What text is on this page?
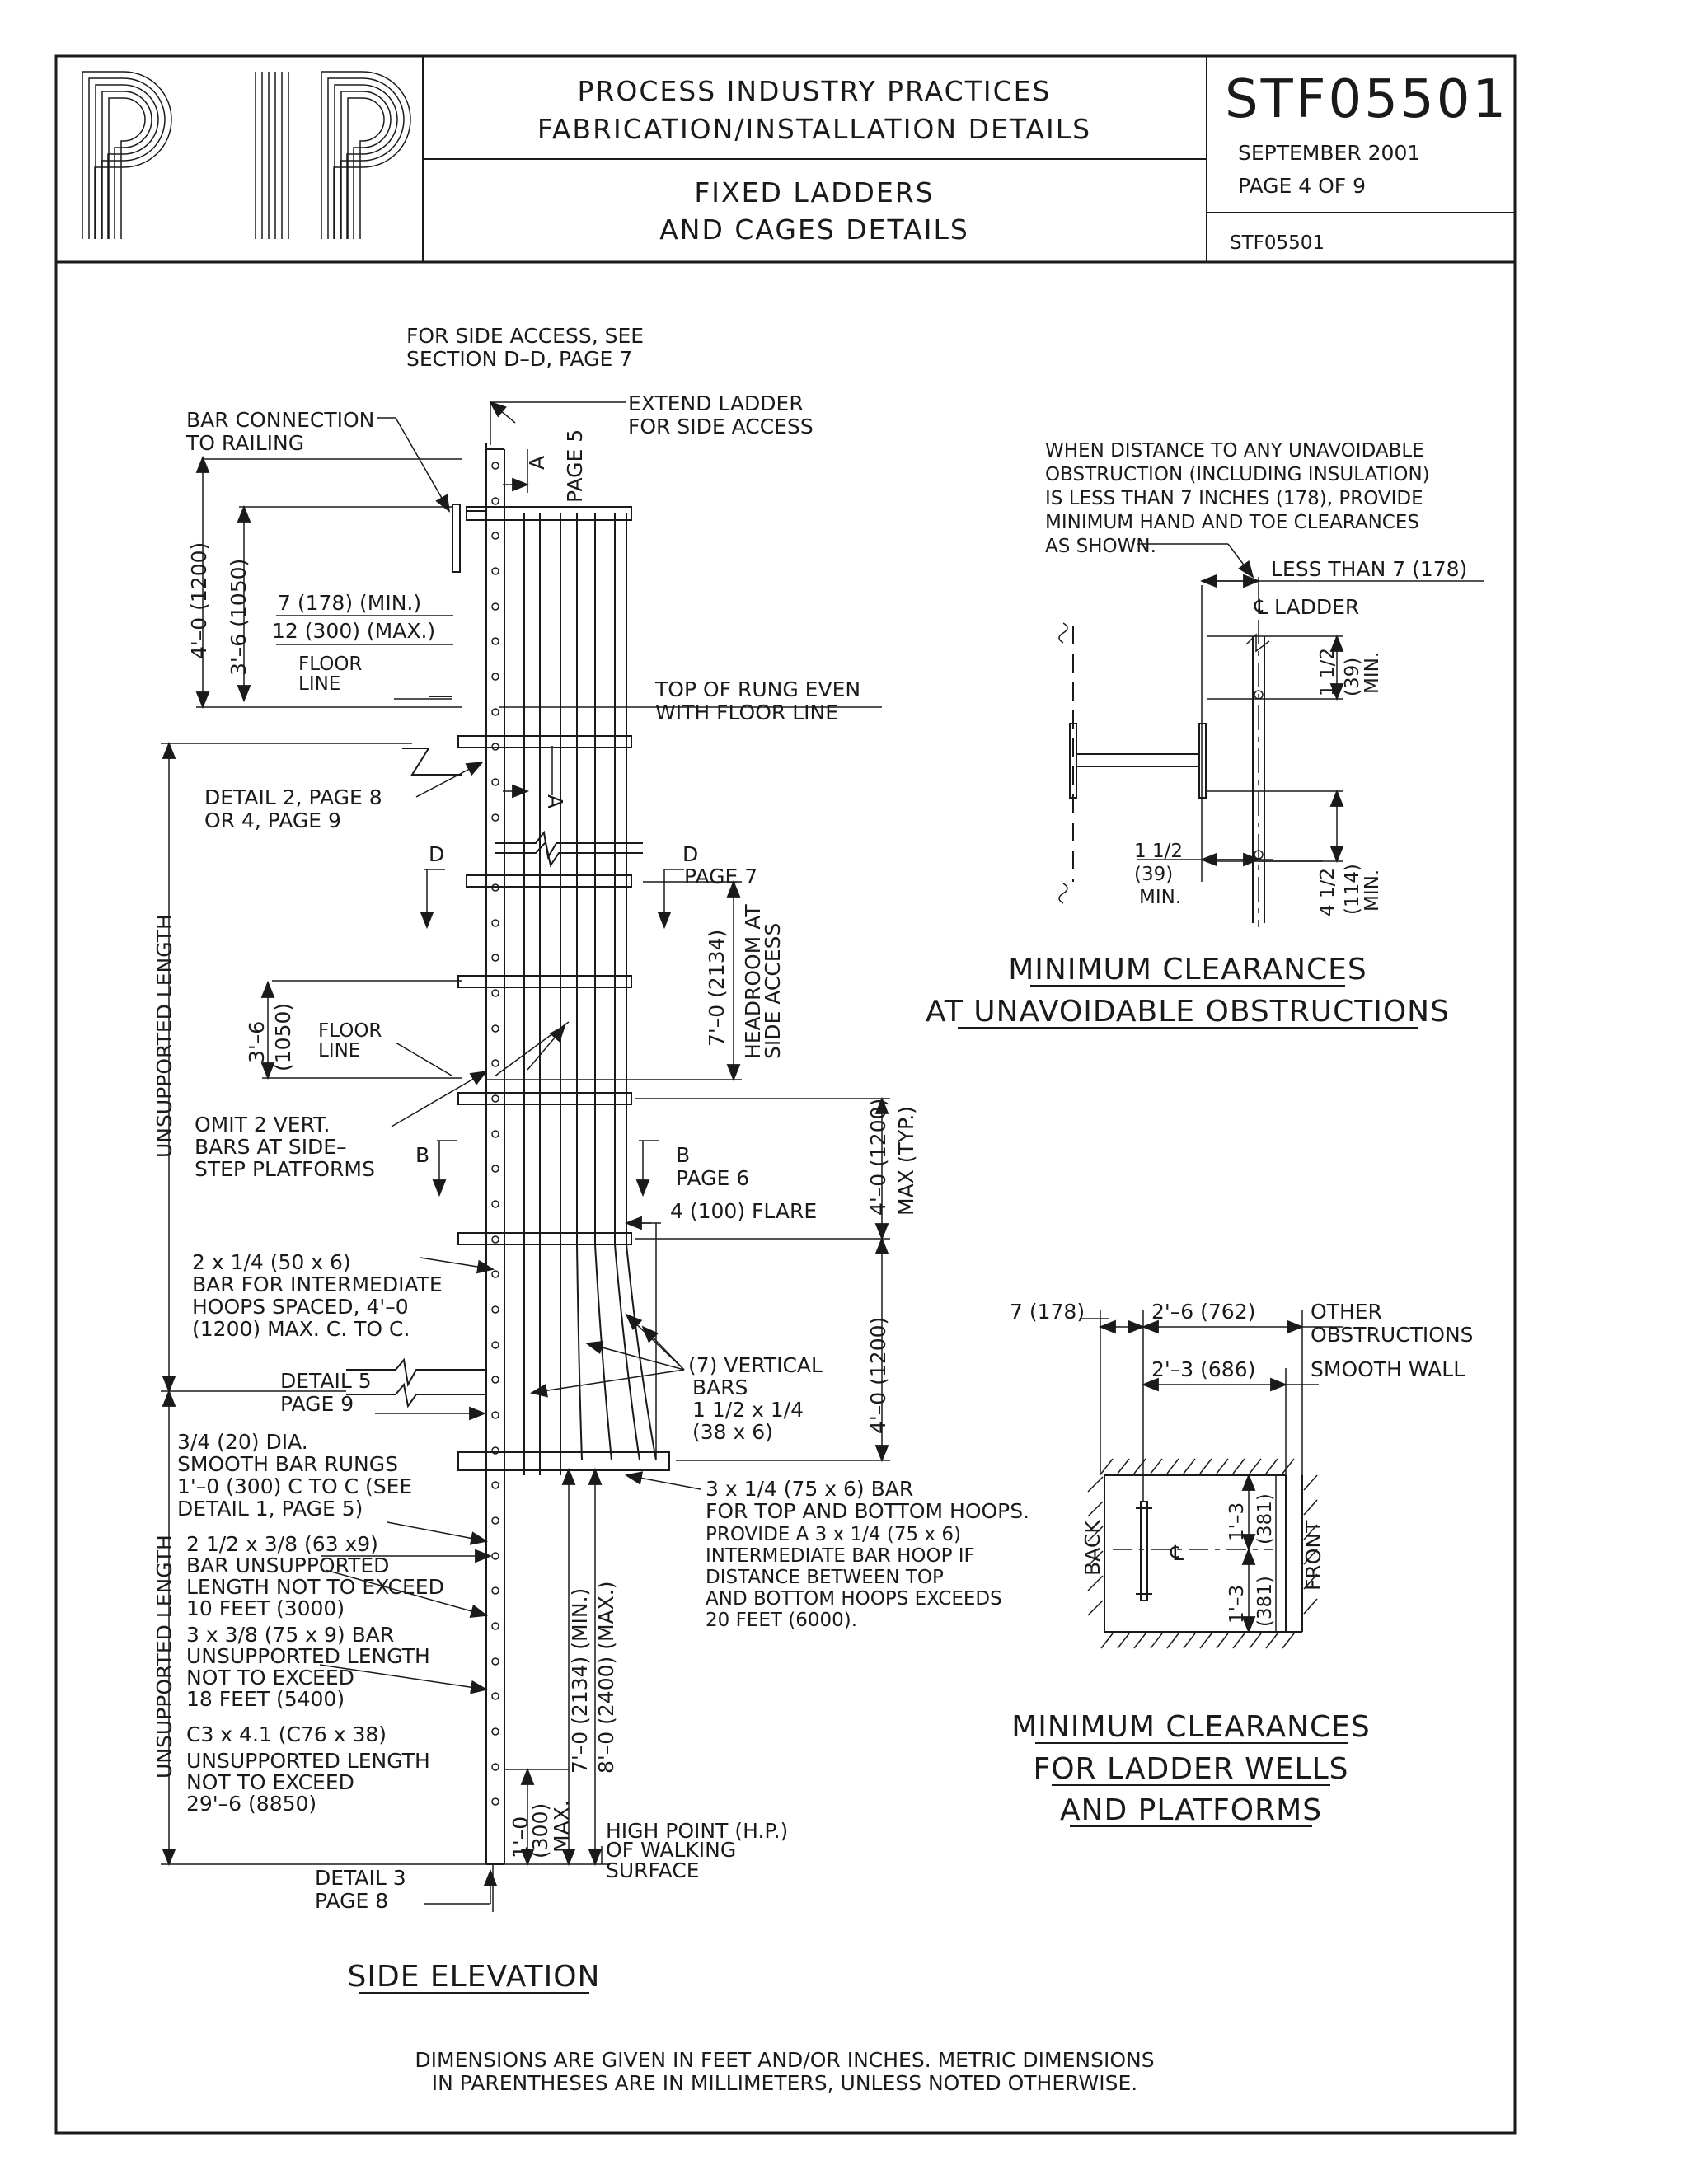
PROCESS INDUSTRY PRACTICES
FABRICATION/INSTALLATION DETAILS
FIXED LADDERS
AND CAGES DETAILS
STF05501
SEPTEMBER 2001
PAGE 4 OF 9
STF05501
FOR SIDE ACCESS, SEE
SECTION D–D, PAGE 7
EXTEND LADDER
FOR SIDE ACCESS
BAR CONNECTION
TO RAILING
A PAGE 5
A
4'–0 (1200) 3'–6 (1050) 7 (178) (MIN.)
12 (300) (MAX.)
FLOOR
LINE	TOP OF RUNG EVEN
WITH FLOOR LINE
DETAIL 2, PAGE 8
OR 4, PAGE 9
UNSUPPORTED LENGTH
D	D
PAGE 7
7'–0 (2134) HEADROOM AT
SIDE ACCESS
3'–6 (1050) FLOOR
LINE
OMIT 2 VERT.
BARS AT SIDE–
STEP PLATFORMS
B	B
PAGE 6	4'–0 (1200) MAX (TYP.)
4 (100) FLARE
2 x 1/4 (50 x 6)
BAR FOR INTERMEDIATE
HOOPS SPACED, 4'–0
(1200) MAX. C. TO C.	4'–0 (1200)
(7) VERTICAL
BARS
1 1/2 x 1/4
(38 x 6)
DETAIL 5
PAGE 9
3/4 (20) DIA.
SMOOTH BAR RUNGS
1'–0 (300) C TO C (SEE
DETAIL 1, PAGE 5)
3 x 1/4 (75 x 6) BAR
FOR TOP AND BOTTOM HOOPS.
PROVIDE A 3 x 1/4 (75 x 6)
INTERMEDIATE BAR HOOP IF
DISTANCE BETWEEN TOP
AND BOTTOM HOOPS EXCEEDS
20 FEET (6000).
2 1/2 x 3/8 (63 x9)
BAR UNSUPPORTED
LENGTH NOT TO EXCEED
10 FEET (3000)
3 x 3/8 (75 x 9) BAR
UNSUPPORTED LENGTH
NOT TO EXCEED
18 FEET (5400)
C3 x 4.1 (C76 x 38)
UNSUPPORTED LENGTH
NOT TO EXCEED
29'–6 (8850)
UNSUPPORTED LENGTH	7'–0 (2134) (MIN.) 8'–0 (2400) (MAX.)
1'–0
(300)
MAX. HIGH POINT (H.P.)
OF WALKING
SURFACE
DETAIL 3
PAGE 8
SIDE ELEVATION
WHEN DISTANCE TO ANY UNAVOIDABLE
OBSTRUCTION (INCLUDING INSULATION)
IS LESS THAN 7 INCHES (178), PROVIDE
MINIMUM HAND AND TOE CLEARANCES
AS SHOWN.
LESS THAN 7 (178)
℄ LADDER
1 1/2 (39)
MIN.
1 1/2
(39)
MIN.	4 1/2 (114)
MIN.
MINIMUM CLEARANCES
AT UNAVOIDABLE OBSTRUCTIONS
7 (178)	2'–6 (762)
2'–3 (686)
OTHER
OBSTRUCTIONS
SMOOTH WALL
BACK	FRONT
℄
1'–3 (381)
1'–3 (381)
MINIMUM CLEARANCES
FOR LADDER WELLS
AND PLATFORMS
DIMENSIONS ARE GIVEN IN FEET AND/OR INCHES. METRIC DIMENSIONS
IN PARENTHESES ARE IN MILLIMETERS, UNLESS NOTED OTHERWISE.
